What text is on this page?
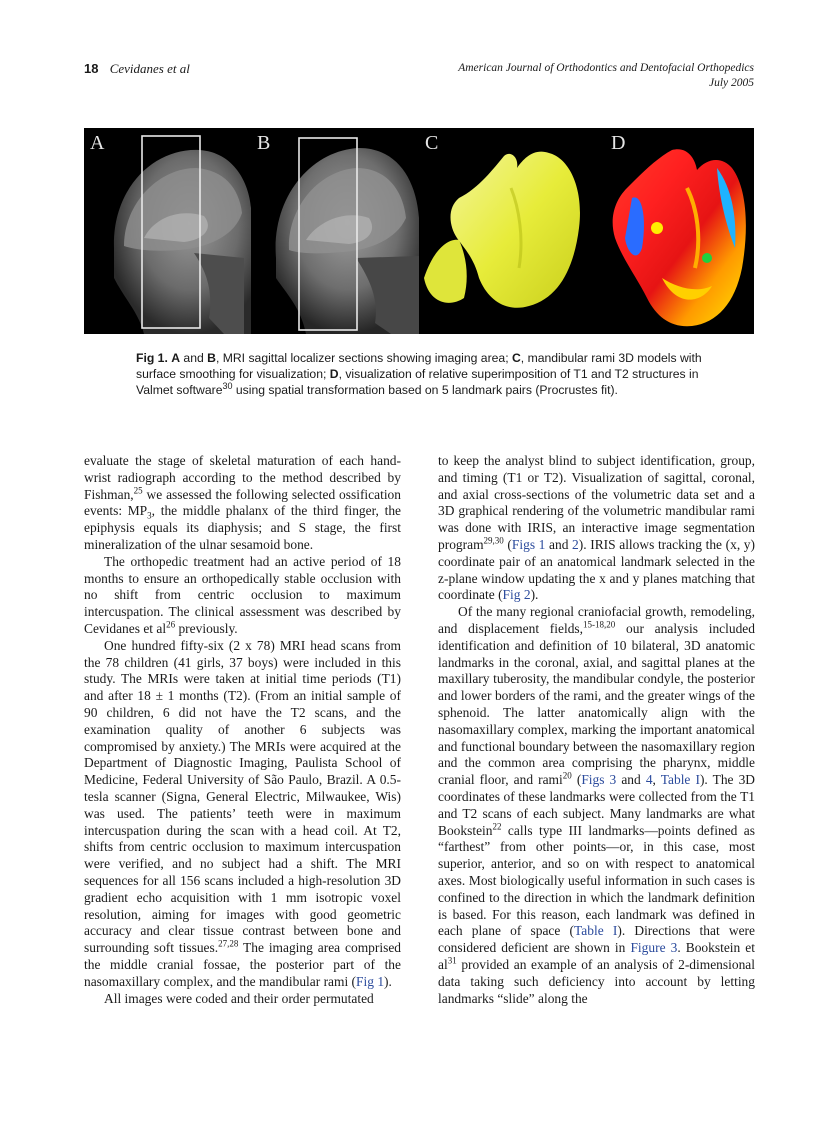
18 Cevidanes et al	American Journal of Orthodontics and Dentofacial Orthopedics
July 2005
A	B	C	D
Fig 1. A and B, MRI sagittal localizer sections showing imaging area; C, mandibular rami 3D models with surface smoothing for visualization; D, visualization of relative superimposition of T1 and T2 structures in Valmet software$^{30}$ using spatial transformation based on 5 landmark pairs (Procrustes fit).

evaluate the stage of skeletal maturation of each hand-wrist radiograph according to the method described by Fishman,$^{25}$ we assessed the following selected ossification events: $MP_3$, the middle phalanx of the third finger, the epiphysis equals its diaphysis; and S stage, the first mineralization of the ulnar sesamoid bone.

The orthopedic treatment had an active period of 18 months to ensure an orthopedically stable occlusion with no shift from centric occlusion to maximum intercuspation. The clinical assessment was described by Cevidanes et $al^{26}$ previously.

One hundred fifty-six (2 x 78) MRI head scans from the 78 children (41 girls, 37 boys) were included in this study. The MRIs were taken at initial time periods (T1) and after 18 ± 1 months (T2). (From an initial sample of 90 children, 6 did not have the T2 scans, and the examination quality of another 6 subjects was compromised by anxiety.) The MRIs were acquired at the Department of Diagnostic Imaging, Paulista School of Medicine, Federal University of São Paulo, Brazil. A 0.5-tesla scanner (Signa, General Electric, Milwaukee, Wis) was used. The patients’ teeth were in maximum intercuspation during the scan with a head coil. At T2, shifts from centric occlusion to maximum intercuspation were verified, and no subject had a shift. The MRI sequences for all 156 scans included a high-resolution 3D gradient echo acquisition with 1 mm isotropic voxel resolution, aiming for images with good geometric accuracy and clear tissue contrast between bone and surrounding soft tissues.$^{27,28}$ The imaging area comprised the middle cranial fossae, the posterior part of the nasomaxillary complex, and the mandibular rami (Fig 1).

All images were coded and their order permutated

to keep the analyst blind to subject identification, group, and timing (T1 or T2). Visualization of sagittal, coronal, and axial cross-sections of the volumetric data set and a 3D graphical rendering of the volumetric mandibular rami was done with IRIS, an interactive image segmentation program$^{29,30}$ (Figs 1 and 2). IRIS allows tracking the (x, y) coordinate pair of an anatomical landmark selected in the z-plane window updating the x and y planes matching that coordinate (Fig 2).

Of the many regional craniofacial growth, remodeling, and displacement fields,$^{15-18,20}$ our analysis included identification and definition of 10 bilateral, 3D anatomic landmarks in the coronal, axial, and sagittal planes at the maxillary tuberosity, the mandibular condyle, the posterior and lower borders of the rami, and the greater wings of the sphenoid. The latter anatomically align with the nasomaxillary complex, marking the important anatomical and functional boundary between the nasomaxillary region and the common area comprising the pharynx, middle cranial floor, and rami$^{20}$ (Figs 3 and 4, Table I). The 3D coordinates of these landmarks were collected from the T1 and T2 scans of each subject. Many landmarks are what Bookstein$^{22}$ calls type III landmarks—points defined as “farthest” from other points—or, in this case, most superior, anterior, and so on with respect to anatomical axes. Most biologically useful information in such cases is confined to the direction in which the landmark definition is based. For this reason, each landmark was defined in each plane of space (Table I). Directions that were considered deficient are shown in Figure 3. Bookstein et $al^{31}$ provided an example of an analysis of 2-dimensional data taking such deficiency into account by letting landmarks “slide” along the
